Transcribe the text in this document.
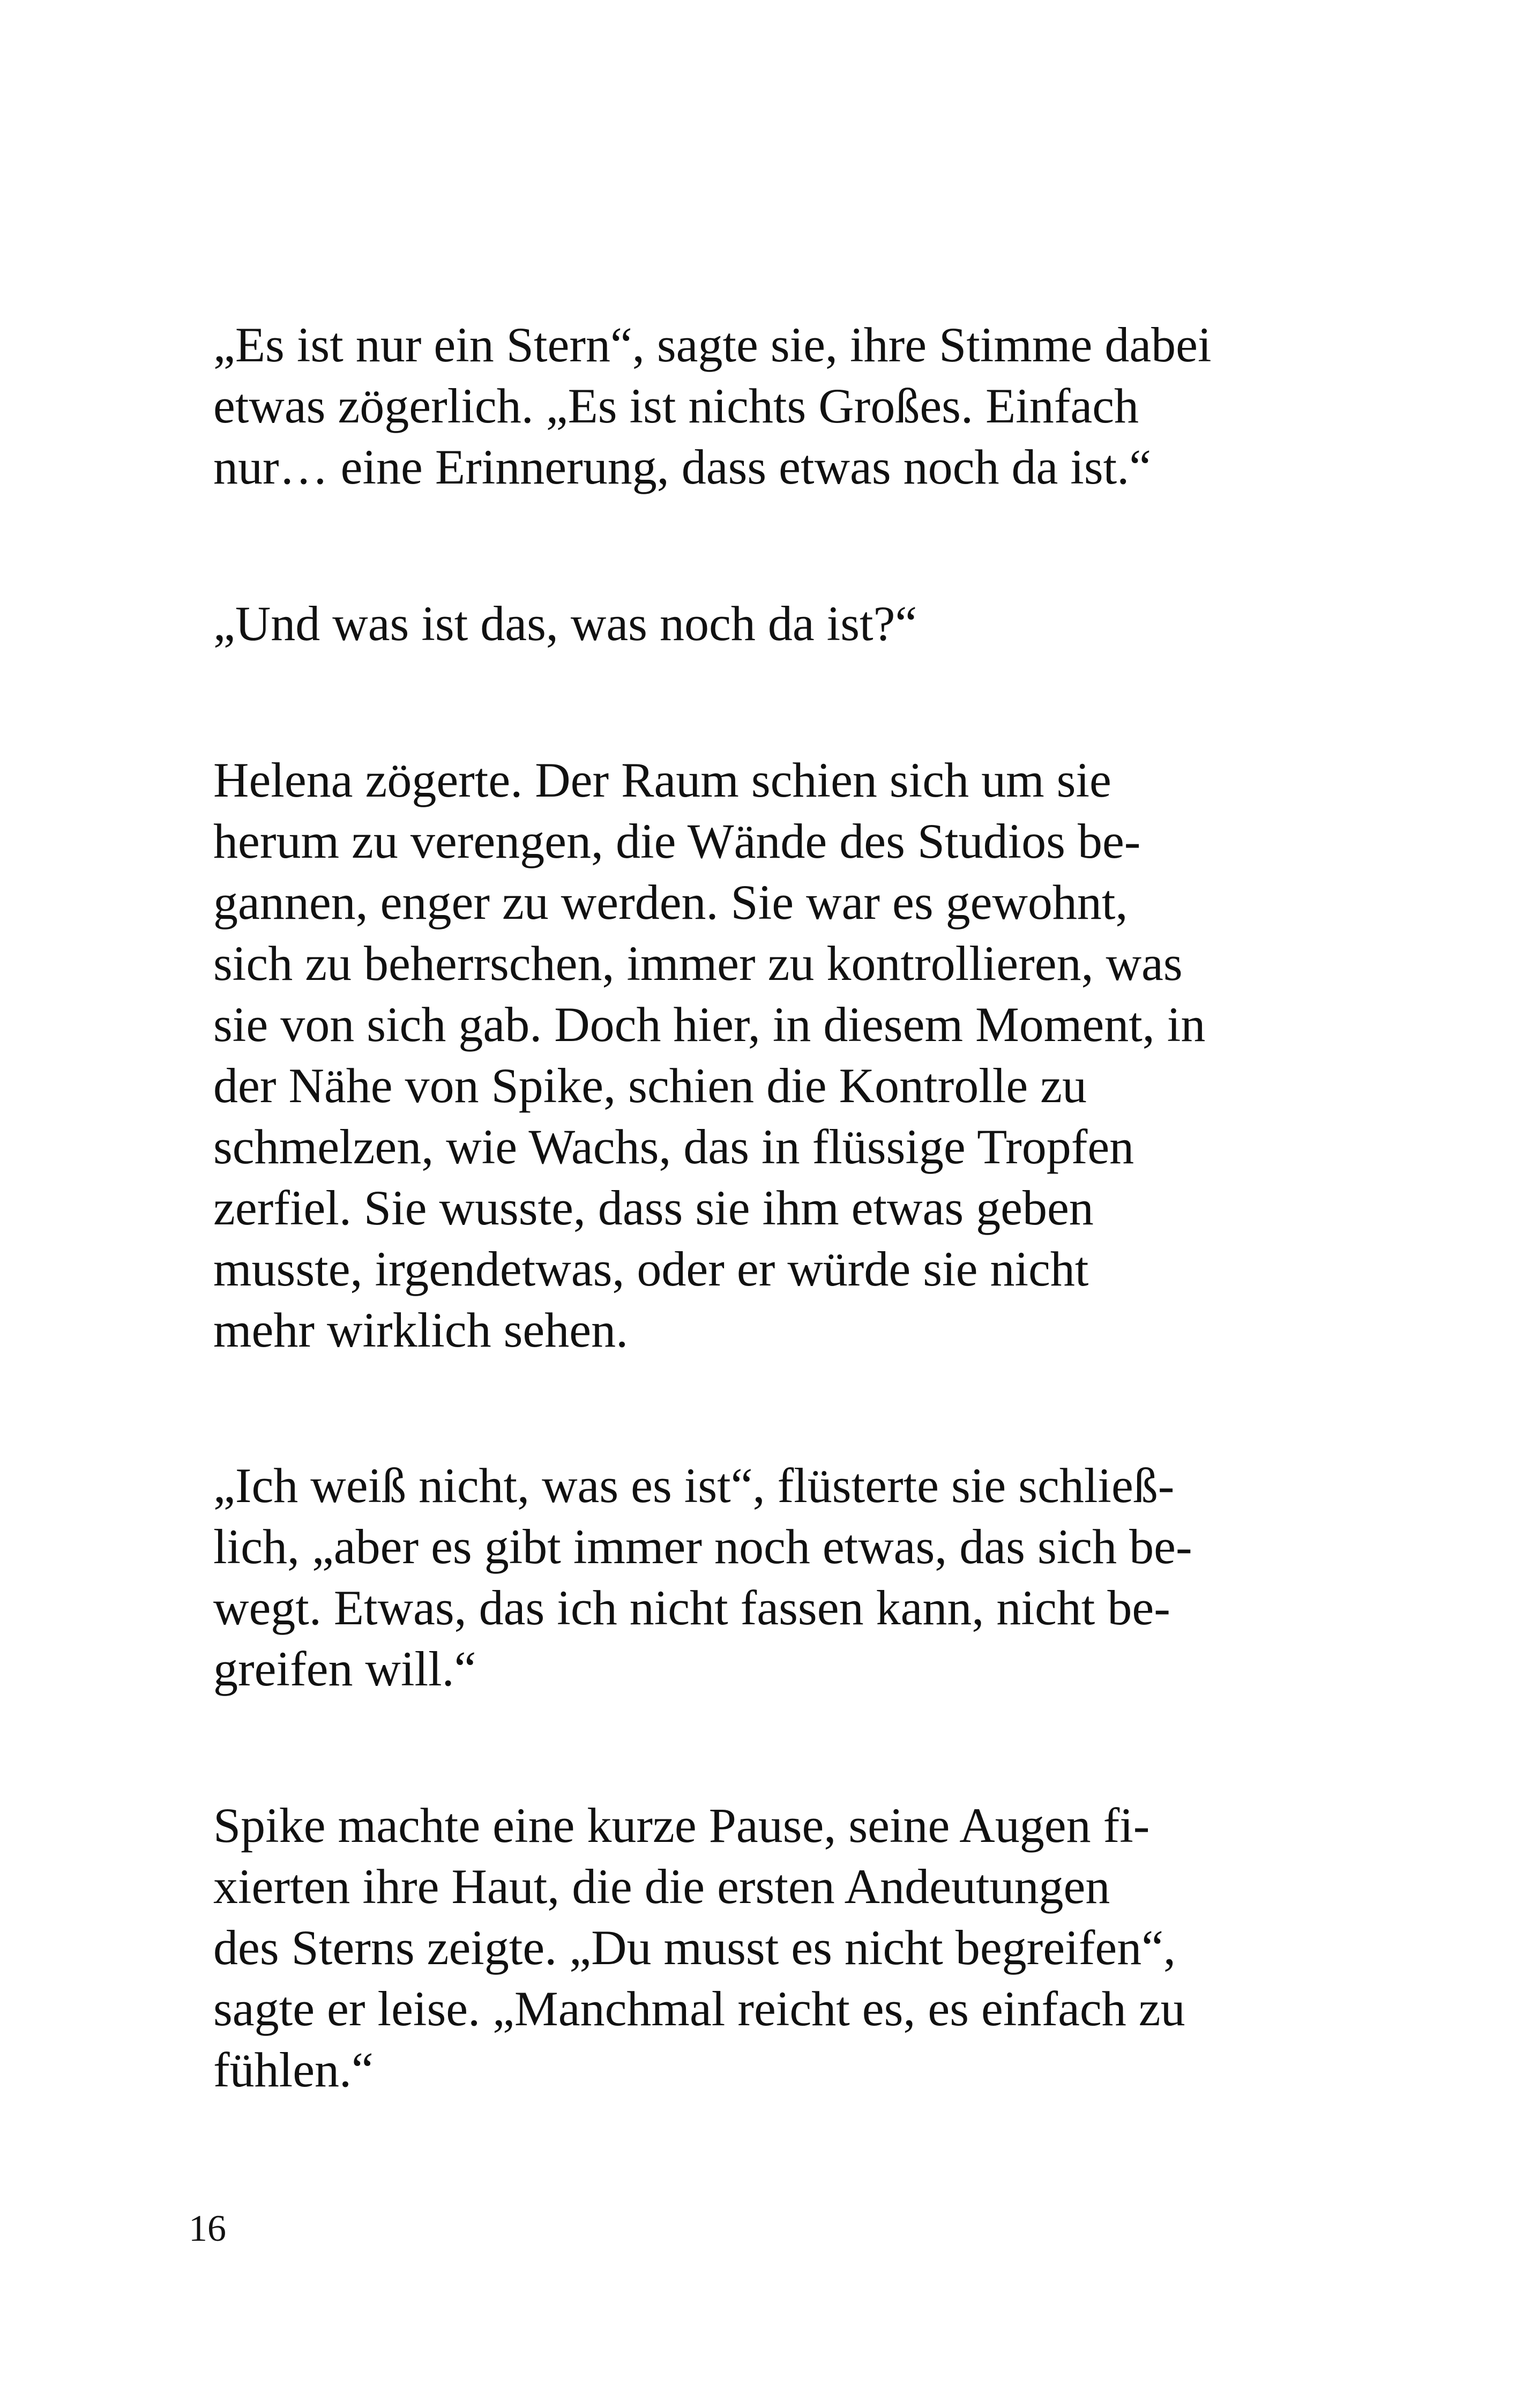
„Es ist nur ein Stern“, sagte sie, ihre Stimme dabei
etwas zögerlich. „Es ist nichts Großes. Einfach
nur… eine Erinnerung, dass etwas noch da ist.“
„Und was ist das, was noch da ist?“
Helena zögerte. Der Raum schien sich um sie
herum zu verengen, die Wände des Studios be-
gannen, enger zu werden. Sie war es gewohnt,
sich zu beherrschen, immer zu kontrollieren, was
sie von sich gab. Doch hier, in diesem Moment, in
der Nähe von Spike, schien die Kontrolle zu
schmelzen, wie Wachs, das in flüssige Tropfen
zerfiel. Sie wusste, dass sie ihm etwas geben
musste, irgendetwas, oder er würde sie nicht
mehr wirklich sehen.
„Ich weiß nicht, was es ist“, flüsterte sie schließ-
lich, „aber es gibt immer noch etwas, das sich be-
wegt. Etwas, das ich nicht fassen kann, nicht be-
greifen will.“
Spike machte eine kurze Pause, seine Augen fi-
xierten ihre Haut, die die ersten Andeutungen
des Sterns zeigte. „Du musst es nicht begreifen“,
sagte er leise. „Manchmal reicht es, es einfach zu
fühlen.“
16
